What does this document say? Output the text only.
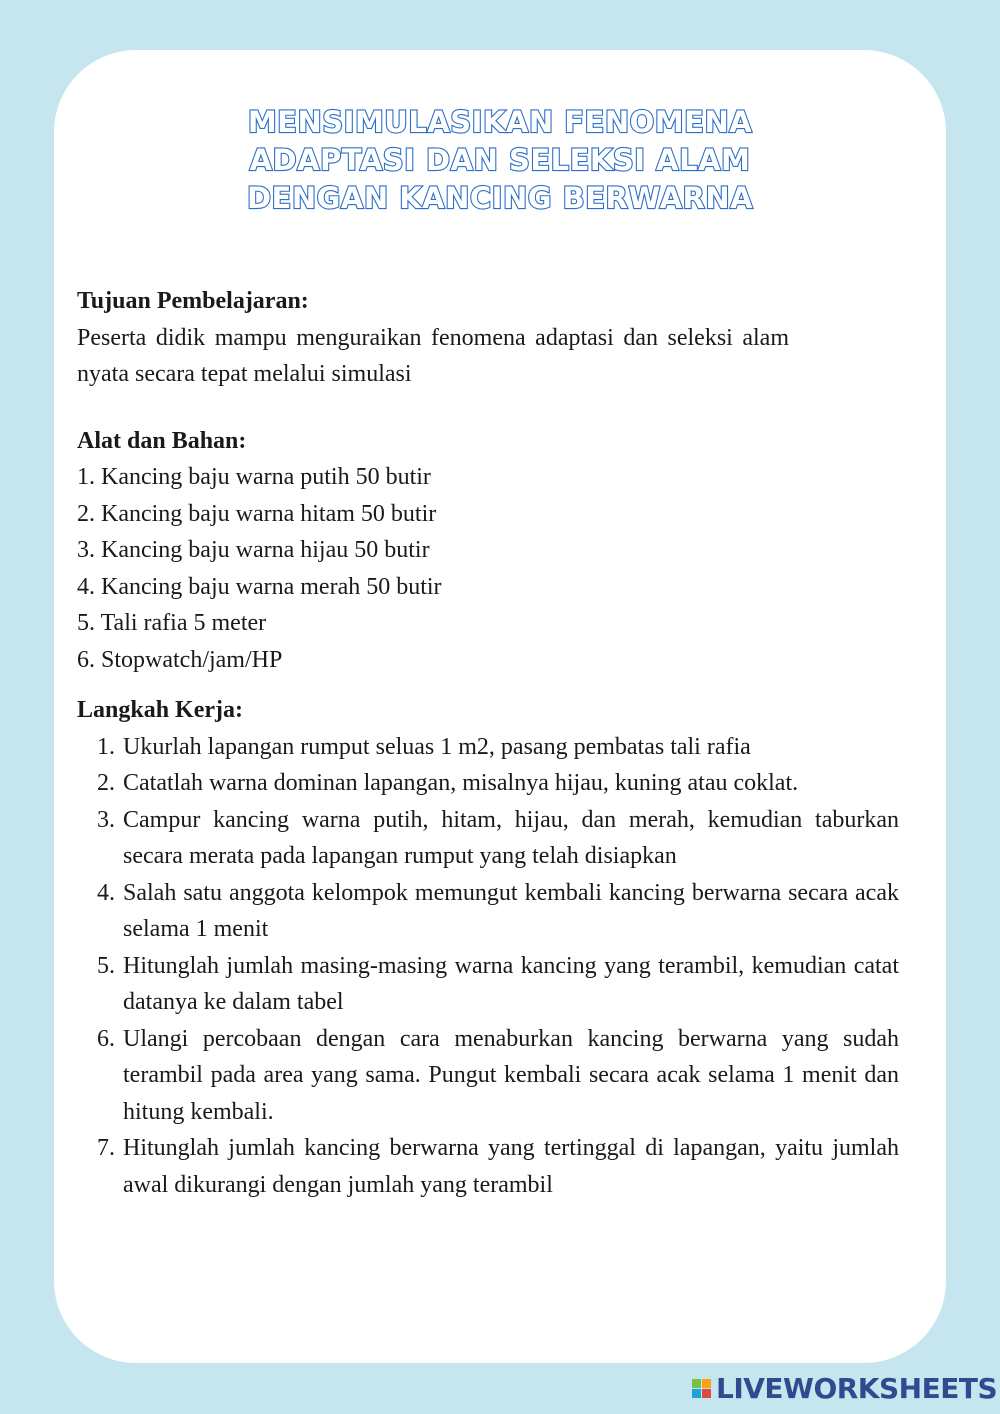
MENSIMULASIKAN FENOMENA
ADAPTASI DAN SELEKSI ALAM
DENGAN KANCING BERWARNA
Tujuan Pembelajaran:
Peserta didik mampu menguraikan fenomena adaptasi dan seleksi alam nyata secara tepat melalui simulasi
Alat dan Bahan:
1. Kancing baju warna putih 50 butir
2. Kancing baju warna hitam 50 butir
3. Kancing baju warna hijau 50 butir
4. Kancing baju warna merah 50 butir
5. Tali rafia 5 meter
6. Stopwatch/jam/HP
Langkah Kerja:
1. Ukurlah lapangan rumput seluas 1 m2, pasang pembatas tali rafia
2. Catatlah warna dominan lapangan, misalnya hijau, kuning atau coklat.
3. Campur kancing warna putih, hitam, hijau, dan merah, kemudian taburkan secara merata pada lapangan rumput yang telah disiapkan
4. Salah satu anggota kelompok memungut kembali kancing berwarna secara acak selama 1 menit
5. Hitunglah jumlah masing-masing warna kancing yang terambil, kemudian catat datanya ke dalam tabel
6. Ulangi percobaan dengan cara menaburkan kancing berwarna yang sudah terambil pada area yang sama. Pungut kembali secara acak selama 1 menit dan hitung kembali.
7. Hitunglah jumlah kancing berwarna yang tertinggal di lapangan, yaitu jumlah awal dikurangi dengan jumlah yang terambil
LIVEWORKSHEETS
